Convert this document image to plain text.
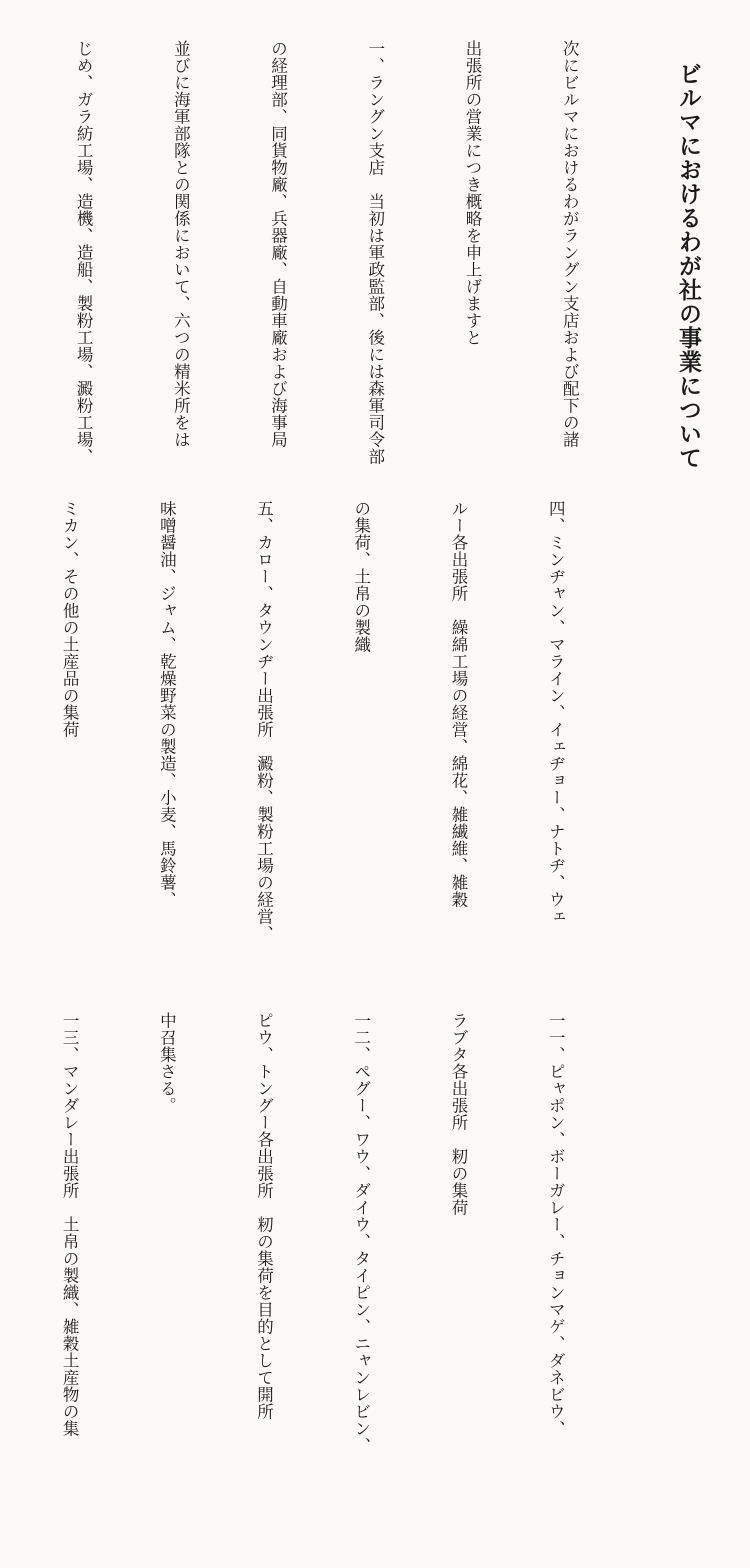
ビルマにおけるわが社の事業について

次にビルマにおけるわがラングン支店および配下の諸

出張所の営業につき概略を申上げますと

一、ラングン支店　当初は軍政監部、後には森軍司令部

の経理部、同貨物廠、兵器廠、自動車廠および海事局

並びに海軍部隊との関係において、六つの精米所をは

じめ、ガラ紡工場、造機、造船、製粉工場、澱粉工場、

四、ミンヂャン、マライン、イェヂョー、ナトヂ、ウェ

ルー各出張所　繰綿工場の経営、綿花、雑繊維、雑穀

の集荷、土帛の製織

五、カロー、タウンヂー出張所　澱粉、製粉工場の経営、

味噌醤油、ジャム、乾燥野菜の製造、小麦、馬鈴薯、

ミカン、その他の土産品の集荷

一一、ピャポン、ボーガレー、チョンマゲ、ダネビウ、

ラブタ各出張所　籾の集荷

一二、ペグー、ワウ、ダイウ、タイピン、ニャンレビン、

ピウ、トングー各出張所　籾の集荷を目的として開所

中召集さる。

一三、マンダレー出張所　土帛の製織、雑穀土産物の集
